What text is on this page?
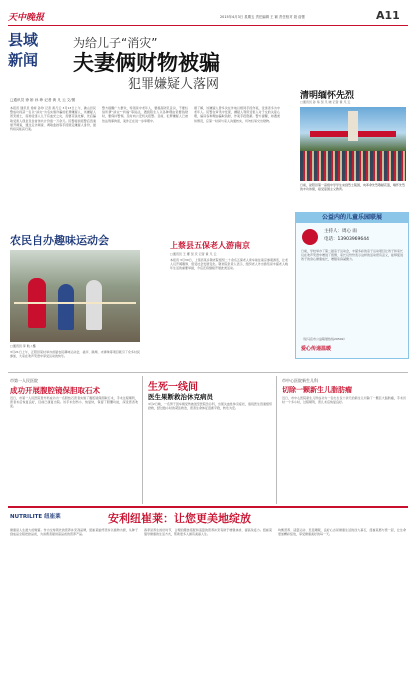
天中晚报	2015年4月3日 星期五 责任编辑 王 颖 责任校对 聂 蓓蕾	A11
县域
新闻
为给儿子“消灾”
夫妻俩财物被骗
犯罪嫌疑人落网
□通讯员 徐 娇 孙 珍 记者 黄 凡 云 文/图
本报讯 通讯员 徐娇 孙珍 记者 黄凡云 3月13日上午，确山县民警成功抓获一名以“消灾”为名实施诈骗的犯罪嫌疑人，该嫌疑人冒充道士，谎称受害人儿子有血光之灾，需要花钱化解，先后骗取受害人现金及金首饰共计价值一万余元。民警接到报警后迅速展开调查，通过走访调查、调取监控等手段锁定嫌疑人身份，最终将其抓获归案。
警方提醒广大群众，特别是中老年人，要提高防范意识，不要轻信所谓“消灾”“祈福”等说法，遇到陌生人以各种理由索要钱财时，要保持警惕，及时向公安机关报警。目前，犯罪嫌疑人已被依法刑事拘留，案件正在进一步审理中。
据了解，该嫌疑人曾多次在外地以相同手段作案，受害者多为中老年人。民警在审讯中发现，嫌疑人利用受害人对子女的关爱心理，编造各种理由骗取钱财，作案手段隐蔽。警方提醒，如遇类似情况，应第一时间与家人沟通核实，切勿轻易交出财物。
清明缅怀先烈
□通讯员 孙 易 吴 凡 晓 记者 黄 凡 云
日前，泌阳县第一高级中学学生来到烈士陵园，向革命先烈敬献花篮，缅怀先烈的丰功伟绩，接受爱国主义教育。
公益内的儿童乐园联展
主持人：周心 雨
电话：13903969644
日前，学校举办了第二届亲子运动会，丰富多彩的亲子运动项目让孩子和家长们在欢声笑语中增进了感情，家长们纷纷表示这样的活动很有意义，能够促进孩子的身心健康成长，增强家庭凝聚力。
（驻马店市公益联展热线29509）
爱心传递温暖
农民自办趣味运动会
□通讯员 李 航 / 摄
3月21日上午，正阳县某村举办首届农民趣味运动会，拔河、跳绳、夹弹珠等项目吸引了众多村民参加，大家在欢声笑语中享受运动的快乐。
上蔡县五保老人游南京
□通讯员 王 娜 吴 庆 记者 黄 凡 云
本报讯 3月30日，上蔡县某乡敬老院组织二十余名五保老人乘车前往南京参观游览，让老人们开阔眼界、感受社会发展变化。敬老院负责人表示，组织老人外出游览是丰富老人晚年生活的重要举措，今后还将继续开展此类活动。
市第一人民医院
成功开展腹腔镜保胆取石术
近日，市第一人民医院普外科成功为一名胆结石患者实施了腹腔镜保胆取石术，手术过程顺利，患者术后恢复良好，目前已康复出院。该手术创伤小、恢复快，保留了胆囊功能，深受患者欢迎。
生死一线间
医生果断救治休克病员
3月2日晚，一名男子因车祸受伤被送至医院急诊科，出现失血性休克症状，值班医生迅速组织抢救，经过数小时的紧张救治，患者生命体征逐渐平稳，转危为安。
市中心医院新生儿科
切除一颗新生儿脂肪瘤
近日，市中心医院新生儿科成功为一名出生仅十余天的新生儿切除了一颗巨大脂肪瘤，手术历时一个多小时，过程顺利，患儿术后恢复良好。
NUTRILITE 纽崔莱	安利纽崔莱：让您更美地绽放
健康是人生最大的财富。作为全球领先的营养补充剂品牌，纽崔莱始终坚持以植物为源，从种子到成品全程把控品质，为消费者提供高品质的营养产品。
春季是养生的好时节，合理的膳食搭配和适量的营养补充有助于增强体质、提高免疫力。纽崔莱倡导健康的生活方式，帮助更多人拥有美丽人生。
均衡营养、适量运动、充足睡眠、良好心态是健康生活的四大基石，纽崔莱愿与您一起，让生命更加精彩绽放，享受健康美好的每一天。
